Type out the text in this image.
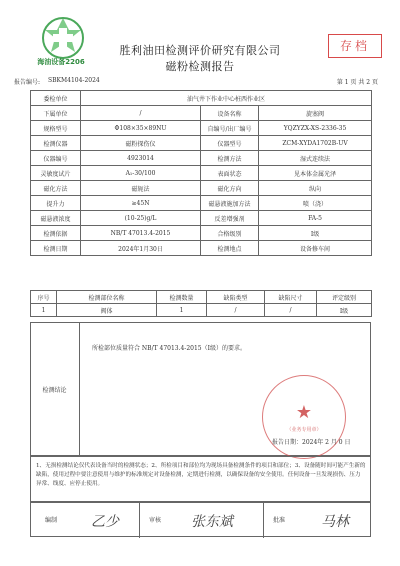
海油设备2206
胜利油田检测评价研究有限公司
磁粉检测报告
存档
报告编号: SBKM4104-2024	第 1 页 共 2 页
委检单位	油气井下作业中心桩西作业区		
下属单位	/	设备名称	旋塞阀
规格型号	Φ108×35×89NU	自编号/出厂编号	YQZYZX-XS-2336-35
检测仪器	磁粉探伤仪	仪器型号	ZCM-XYDA1702B-UV
仪器编号	4923014	检测方法	湿式连续法
灵敏度试片	A₁-30/100	表面状态	见本体金属光泽
磁化方法	磁轭法	磁化方向	纵向
提升力	≥45N	磁悬液施加方法	喷（浇）
磁悬液浓度	(10-25)g/L	反差增强剂	FA-5
检测依据	NB/T 47013.4-2015	合格级别	Ⅰ级
检测日期	2024年1月30日	检测地点	设备修车间
序号	检测部位名称	检测数量	缺陷类型	缺陷尺寸	评定级别
1	阀体	1	/	/	Ⅰ级
检测结论
所检部位质量符合 NB/T 47013.4-2015（Ⅰ级）的要求。
★
（业务专用章）
报告日期：2024年 2 月 0 日
1、无损检测结论仅代表设备当时的检测状态；2、所检项目和部位均为现场具备检测条件的项目和部位；3、设备随时间可能产生新的缺陷，使用过程中要注意使用与维护的标准规定对设备检测，定期进行检测，以确保设备的安全使用。任何设备一旦发现损伤、压力异常、线度、应停止使用。
编制 乙少	审核 张东斌	批准	马林
